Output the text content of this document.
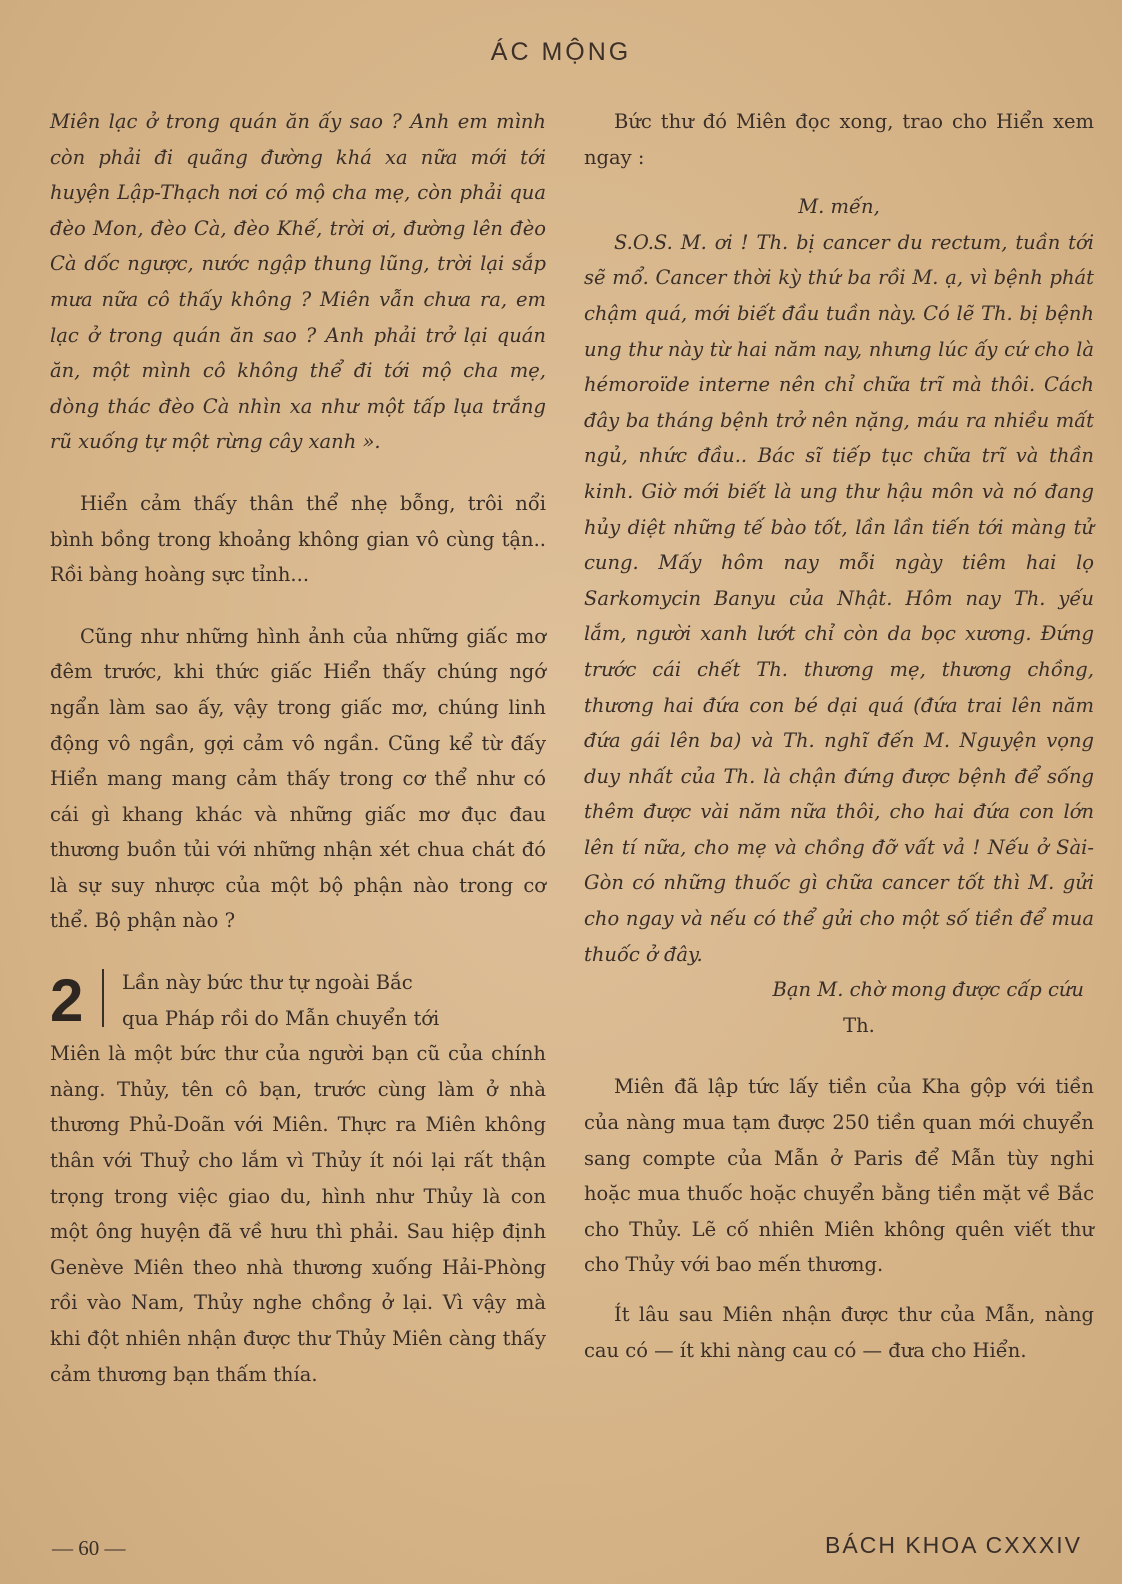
ÁC MỘNG

Miên lạc ở trong quán ăn ấy sao ? Anh em mình còn phải đi quãng đường khá xa nữa mới tới huyện Lập-Thạch nơi có mộ cha mẹ, còn phải qua đèo Mon, đèo Cà, đèo Khế, trời ơi, đường lên đèo Cà dốc ngược, nước ngập thung lũng, trời lại sắp mưa nữa cô thấy không ? Miên vẫn chưa ra, em lạc ở trong quán ăn sao ? Anh phải trở lại quán ăn, một mình cô không thể đi tới mộ cha mẹ, dòng thác đèo Cà nhìn xa như một tấp lụa trắng rũ xuống tự một rừng cây xanh ».

Hiển cảm thấy thân thể nhẹ bỗng, trôi nổi bình bồng trong khoảng không gian vô cùng tận.. Rồi bàng hoàng sực tỉnh...

Cũng như những hình ảnh của những giấc mơ đêm trước, khi thức giấc Hiển thấy chúng ngớ ngẩn làm sao ấy, vậy trong giấc mơ, chúng linh động vô ngần, gợi cảm vô ngần. Cũng kể từ đấy Hiển mang mang cảm thấy trong cơ thể như có cái gì khang khác và những giấc mơ đục đau thương buồn tủi với những nhận xét chua chát đó là sự suy nhược của một bộ phận nào trong cơ thể. Bộ phận nào ?

2	Lần này bức thư tự ngoài Bắc
qua Pháp rồi do Mẫn chuyển tới
Miên là một bức thư của người bạn cũ của chính nàng. Thủy, tên cô bạn, trước cùng làm ở nhà thương Phủ-Doãn với Miên. Thực ra Miên không thân với Thuỷ cho lắm vì Thủy ít nói lại rất thận trọng trong việc giao du, hình như Thủy là con một ông huyện đã về hưu thì phải. Sau hiệp định Genève Miên theo nhà thương xuống Hải-Phòng rồi vào Nam, Thủy nghe chồng ở lại. Vì vậy mà khi đột nhiên nhận được thư Thủy Miên càng thấy cảm thương bạn thấm thía.

Bức thư đó Miên đọc xong, trao cho Hiển xem ngay :

M. mến,

S.O.S. M. ơi ! Th. bị cancer du rectum, tuần tới sẽ mổ. Cancer thời kỳ thứ ba rồi M. ạ, vì bệnh phát chậm quá, mới biết đầu tuần này. Có lẽ Th. bị bệnh ung thư này từ hai năm nay, nhưng lúc ấy cứ cho là hémoroïde interne nên chỉ chữa trĩ mà thôi. Cách đây ba tháng bệnh trở nên nặng, máu ra nhiều mất ngủ, nhức đầu.. Bác sĩ tiếp tục chữa trĩ và thần kinh. Giờ mới biết là ung thư hậu môn và nó đang hủy diệt những tế bào tốt, lần lần tiến tới màng tử cung. Mấy hôm nay mỗi ngày tiêm hai lọ Sarkomycin Banyu của Nhật. Hôm nay Th. yếu lắm, người xanh lướt chỉ còn da bọc xương. Đứng trước cái chết Th. thương mẹ, thương chồng, thương hai đứa con bé dại quá (đứa trai lên năm đứa gái lên ba) và Th. nghĩ đến M. Nguyện vọng duy nhất của Th. là chận đứng được bệnh để sống thêm được vài năm nữa thôi, cho hai đứa con lớn lên tí nữa, cho mẹ và chồng đỡ vất vả ! Nếu ở Sài-Gòn có những thuốc gì chữa cancer tốt thì M. gửi cho ngay và nếu có thể gửi cho một số tiền để mua thuốc ở đây.

Bạn M. chờ mong được cấp cứu

Th.

Miên đã lập tức lấy tiền của Kha gộp với tiền của nàng mua tạm được 250 tiền quan mới chuyển sang compte của Mẫn ở Paris để Mẫn tùy nghi hoặc mua thuốc hoặc chuyển bằng tiền mặt về Bắc cho Thủy. Lẽ cố nhiên Miên không quên viết thư cho Thủy với bao mến thương.

Ít lâu sau Miên nhận được thư của Mẫn, nàng cau có — ít khi nàng cau có — đưa cho Hiển.

— 60 —	BÁCH KHOA CXXXIV
